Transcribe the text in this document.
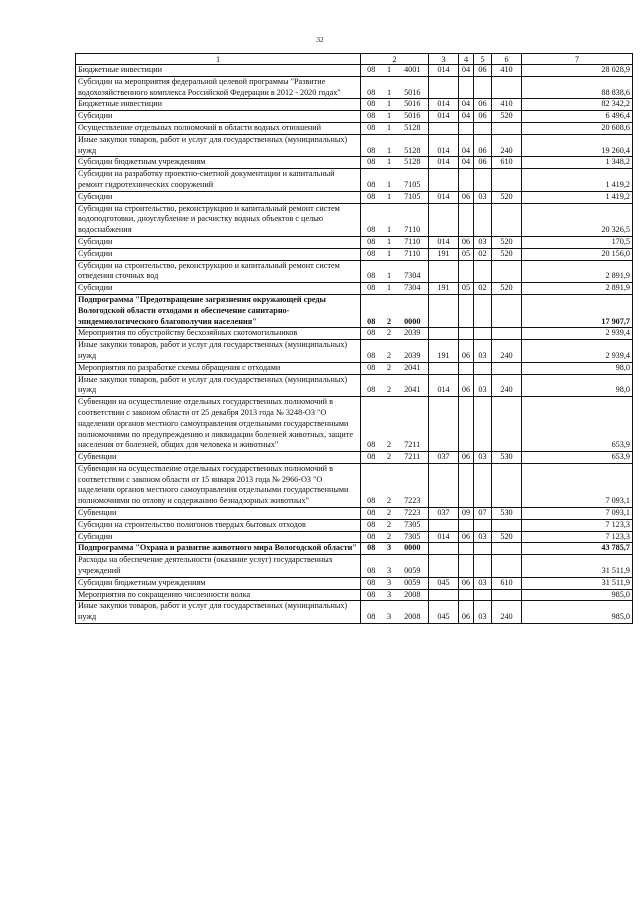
32
1	2			3	4	5	6	7
Бюджетные инвестиции	08	1	4001	014	04	06	410	28 028,9
Субсидии на мероприятия федеральной целевой программы "Развитие водохозяйственного комплекса Российской Федерации в 2012 - 2020 годах"	08	1	5016					88 838,6
Бюджетные инвестиции	08	1	5016	014	04	06	410	82 342,2
Субсидии	08	1	5016	014	04	06	520	6 496,4
Осуществление отдельных полномочий в области водных отношений	08	1	5128					20 608,6
Иные закупки товаров, работ и услуг для государственных (муниципальных) нужд	08	1	5128	014	04	06	240	19 260,4
Субсидии бюджетным учреждениям	08	1	5128	014	04	06	610	1 348,2
Субсидии на разработку проектно-сметной документации и капитальный ремонт гидротехнических сооружений	08	1	7105					1 419,2
Субсидии	08	1	7105	014	06	03	520	1 419,2
Субсидии на строительство, реконструкцию и капитальный ремонт систем водоподготовки, дноуглубление и расчистку водных объектов с целью водоснабжения	08	1	7110					20 326,5
Субсидии	08	1	7110	014	06	03	520	170,5
Субсидии	08	1	7110	191	05	02	520	20 156,0
Субсидии на строительство, реконструкцию и капитальный ремонт систем отведения сточных вод	08	1	7304					2 891,9
Субсидии	08	1	7304	191	05	02	520	2 891,9
Подпрограмма "Предотвращение загрязнения окружающей среды Вологодской области отходами и обеспечение санитарно-эпидемиологического благополучия населения"	08	2	0000					17 907,7
Мероприятия по обустройству бесхозяйных скотомогильников	08	2	2039					2 939,4
Иные закупки товаров, работ и услуг для государственных (муниципальных) нужд	08	2	2039	191	06	03	240	2 939,4
Мероприятия по разработке схемы обращения с отходами	08	2	2041					98,0
Иные закупки товаров, работ и услуг для государственных (муниципальных) нужд	08	2	2041	014	06	03	240	98,0
Субвенции на осуществление отдельных государственных полномочий в соответствии с законом области от 25 декабря 2013 года № 3248-ОЗ "О наделении органов местного самоуправления отдельными государственными полномочиями по предупреждению и ликвидации болезней животных, защите населения от болезней, общих для человека и животных"	08	2	7211					653,9
Субвенции	08	2	7211	037	06	03	530	653,9
Субвенции на осуществление отдельных государственных полномочий в соответствии с законом области от 15 января 2013 года № 2966-ОЗ "О наделении органов местного самоуправления отдельными государственными полномочиями по отлову и содержанию безнадзорных животных"	08	2	7223					7 093,1
Субвенции	08	2	7223	037	09	07	530	7 093,1
Субсидии на строительство полигонов твердых бытовых отходов	08	2	7305					7 123,3
Субсидии	08	2	7305	014	06	03	520	7 123,3
Подпрограмма "Охрана и развитие животного мира Вологодской области"	08	3	0000					43 785,7
Расходы на обеспечение деятельности (оказание услуг) государственных учреждений	08	3	0059					31 511,9
Субсидии бюджетным учреждениям	08	3	0059	045	06	03	610	31 511,9
Мероприятия по сокращению численности волка	08	3	2008					985,0
Иные закупки товаров, работ и услуг для государственных (муниципальных) нужд	08	3	2008	045	06	03	240	985,0
